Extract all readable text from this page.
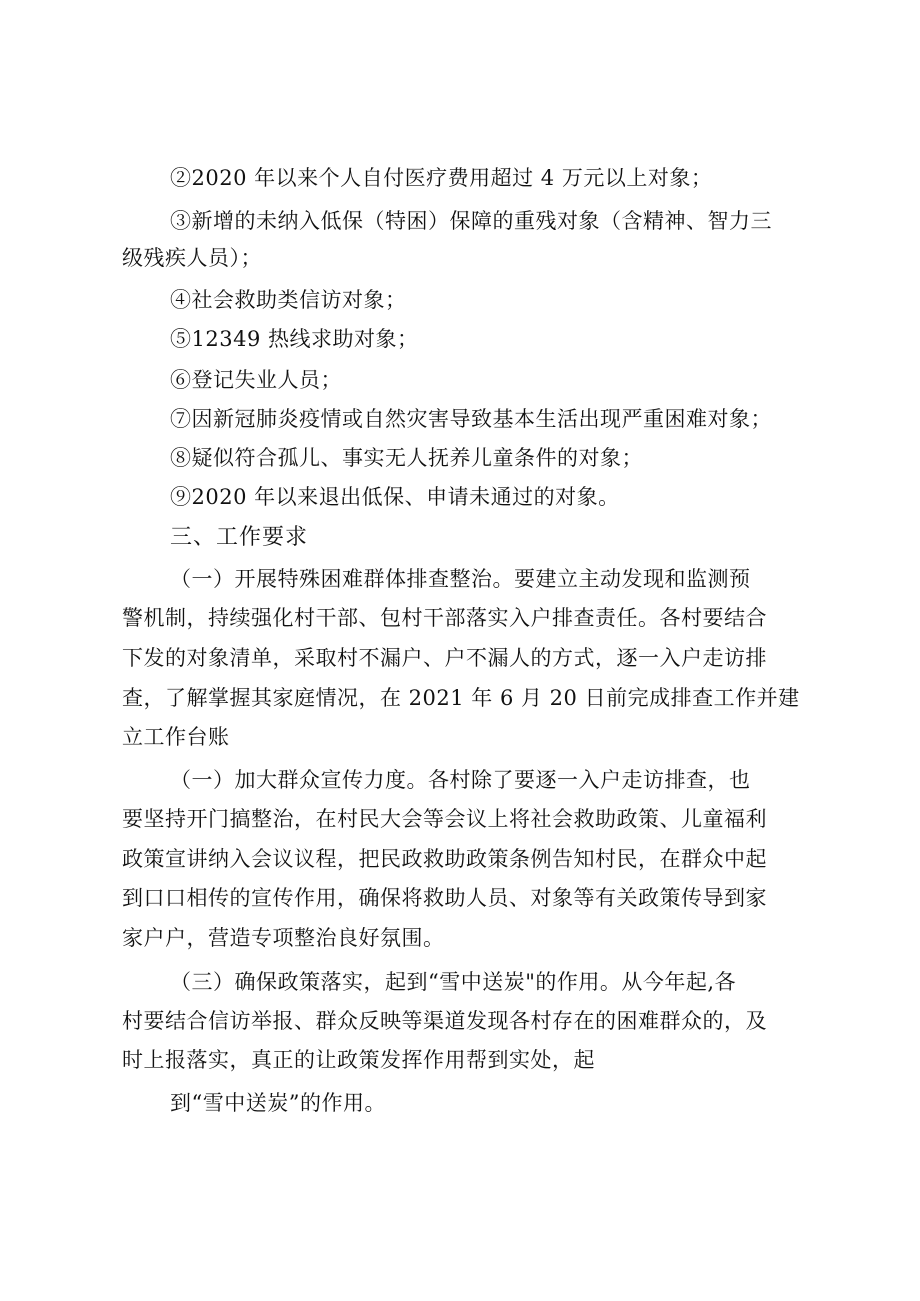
②2020 年以来个人自付医疗费用超过 4 万元以上对象；
③新增的未纳入低保（特困）保障的重残对象（含精神、智力三
级残疾人员）；
④社会救助类信访对象；
⑤12349 热线求助对象；
⑥登记失业人员；
⑦因新冠肺炎疫情或自然灾害导致基本生活出现严重困难对象；
⑧疑似符合孤儿、事实无人抚养儿童条件的对象；
⑨2020 年以来退出低保、申请未通过的对象。
三、工作要求
（一）开展特殊困难群体排查整治。要建立主动发现和监测预
警机制，持续强化村干部、包村干部落实入户排查责任。各村要结合
下发的对象清单，采取村不漏户、户不漏人的方式，逐一入户走访排
查，了解掌握其家庭情况，在 2021 年 6 月 20 日前完成排查工作并建
立工作台账
（一）加大群众宣传力度。各村除了要逐一入户走访排查，也
要坚持开门搞整治，在村民大会等会议上将社会救助政策、儿童福利
政策宣讲纳入会议议程，把民政救助政策条例告知村民，在群众中起
到口口相传的宣传作用，确保将救助人员、对象等有关政策传导到家
家户户，营造专项整治良好氛围。
（三）确保政策落实，起到“雪中送炭"的作用。从今年起,各
村要结合信访举报、群众反映等渠道发现各村存在的困难群众的，及
时上报落实，真正的让政策发挥作用帮到实处，起
到“雪中送炭”的作用。
